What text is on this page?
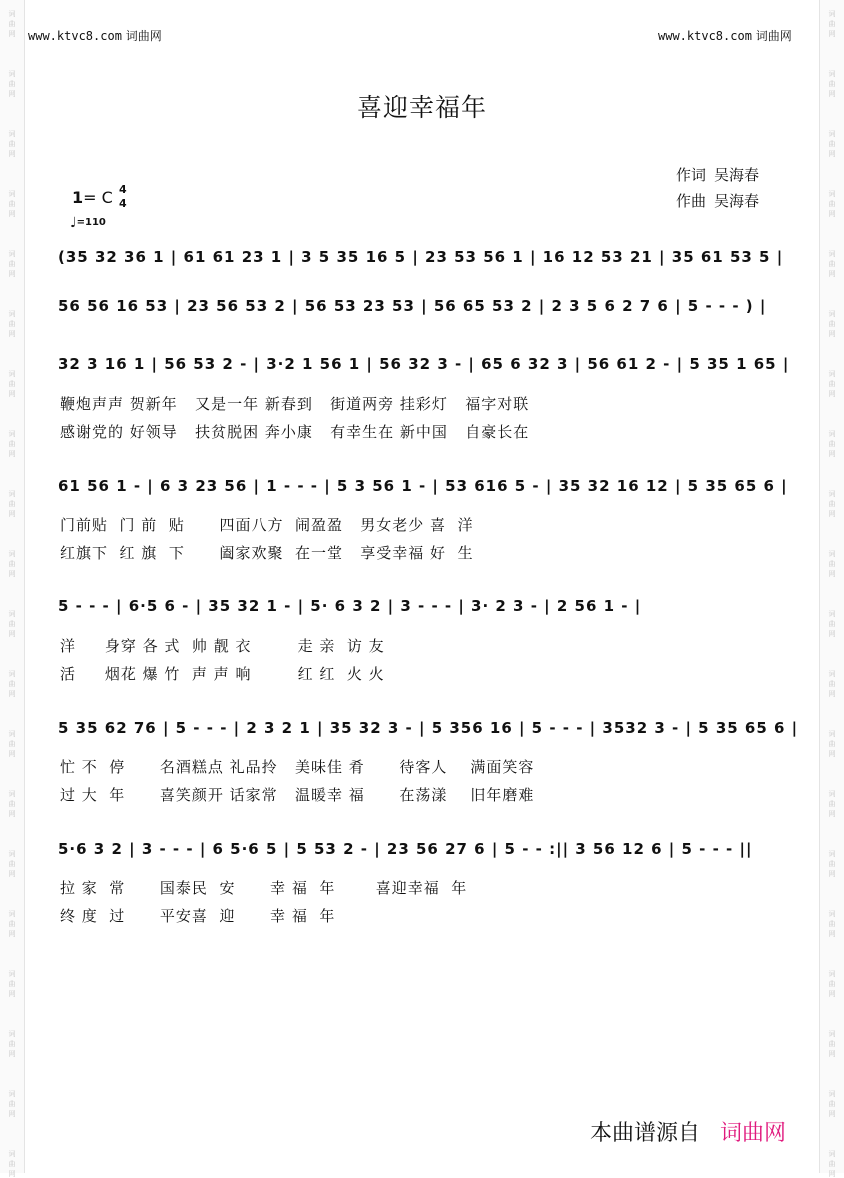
词
曲
网
词
曲
网
词
曲
网
词
曲
网
词
曲
网
词
曲
网
词
曲
网
词
曲
网
词
曲
网
词
曲
网
词
曲
网
词
曲
网
词
曲
网
词
曲
网
词
曲
网
词
曲
网
词
曲
网
词
曲
网
词
曲
网
词
曲
网
词
曲
网
词
曲
网
词
曲
网
词
曲
网
词
曲
网
词
曲
网
词
曲
网
词
曲
网
词
曲
网
词
曲
网
词
曲
网
词
曲
网
词
曲
网
词
曲
网
词
曲
网
词
曲
网
词
曲
网
词
曲
网
词
曲
网
词
曲
网
www.ktvc8.com 词曲网	www.ktvc8.com 词曲网
喜迎幸福年
作词 吴海春
作曲 吴海春
1= C 4
4
♩=110
(35 32 36 1 | 61 61 23 1 | 3 5 35 16 5 | 23 53 56 1 | 16 12 53 21 | 35 61 53 5 |
56 56 16 53 | 23 56 53 2 | 56 53 23 53 | 56 65 53 2 | 2 3 5 6 2 7 6 | 5 - - - ) |
32 3 16 1 | 56 53 2 - | 3·2 1 56 1 | 56 32 3 - | 65 6 32 3 | 56 61 2 - | 5 35 1 65 |
鞭炮声声 贺新年   又是一年 新春到   街道两旁 挂彩灯   福字对联
感谢党的 好领导   扶贫脱困 奔小康   有幸生在 新中国   自豪长在
61 56 1 - | 6 3 23 56 | 1 - - - | 5 3 56 1 - | 53 616 5 - | 35 32 16 12 | 5 35 65 6 |
门前贴  门 前  贴      四面八方  闹盈盈   男女老少 喜  洋
红旗下  红 旗  下      阖家欢聚  在一堂   享受幸福 好  生
5 - - - | 6·5 6 - | 35 32 1 - | 5· 6 3 2 | 3 - - - | 3· 2 3 - | 2 56 1 - |
洋     身穿 各 式  帅 靓 衣        走 亲  访 友
活     烟花 爆 竹  声 声 响        红 红  火 火
5 35 62 76 | 5 - - - | 2 3 2 1 | 35 32 3 - | 5 356 16 | 5 - - - | 3532 3 - | 5 35 65 6 |
忙 不  停      名酒糕点 礼品拎   美味佳 肴      待客人    满面笑容
过 大  年      喜笑颜开 话家常   温暖幸 福      在荡漾    旧年磨难
5·6 3 2 | 3 - - - | 6 5·6 5 | 5 53 2 - | 23 56 27 6 | 5 - - :|| 3 56 12 6 | 5 - - - ||
拉 家  常      国泰民  安      幸 福  年       喜迎幸福  年
终 度  过      平安喜  迎      幸 福  年
本曲谱源自 词曲网
